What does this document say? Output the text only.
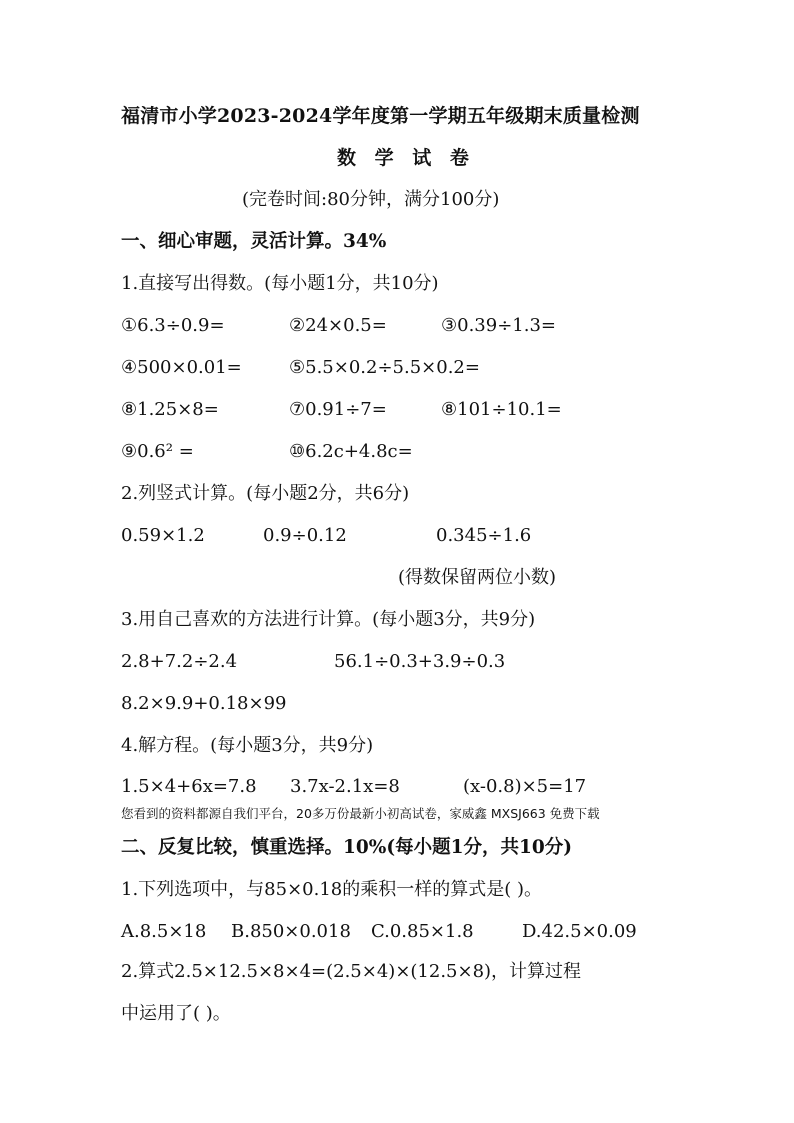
福清市小学2023-2024学年度第一学期五年级期末质量检测
数 学 试 卷
(完卷时间:80分钟，满分100分)
一、细心审题，灵活计算。34%
1.直接写出得数。(每小题1分，共10分)
①6.3÷0.9=	②24×0.5=	③0.39÷1.3=
④500×0.01=	⑤5.5×0.2÷5.5×0.2=
⑧1.25×8=	⑦0.91÷7=	⑧101÷10.1=
⑨0.6² =	⑩6.2c+4.8c=
2.列竖式计算。(每小题2分，共6分)
0.59×1.2	0.9÷0.12	0.345÷1.6
(得数保留两位小数)
3.用自己喜欢的方法进行计算。(每小题3分，共9分)
2.8+7.2÷2.4	56.1÷0.3+3.9÷0.3
8.2×9.9+0.18×99
4.解方程。(每小题3分，共9分)
1.5×4+6x=7.8 3.7x-2.1x=8	(x-0.8)×5=17
您看到的资料都源自我们平台，20多万份最新小初高试卷，家威鑫 MXSJ663 免费下载
二、反复比较，慎重选择。10%(每小题1分，共10分)
1.下列选项中，与85×0.18的乘积一样的算式是( )。
A.8.5×18 B.850×0.018 C.0.85×1.8	D.42.5×0.09
2.算式2.5×12.5×8×4=(2.5×4)×(12.5×8)，计算过程
中运用了( )。
